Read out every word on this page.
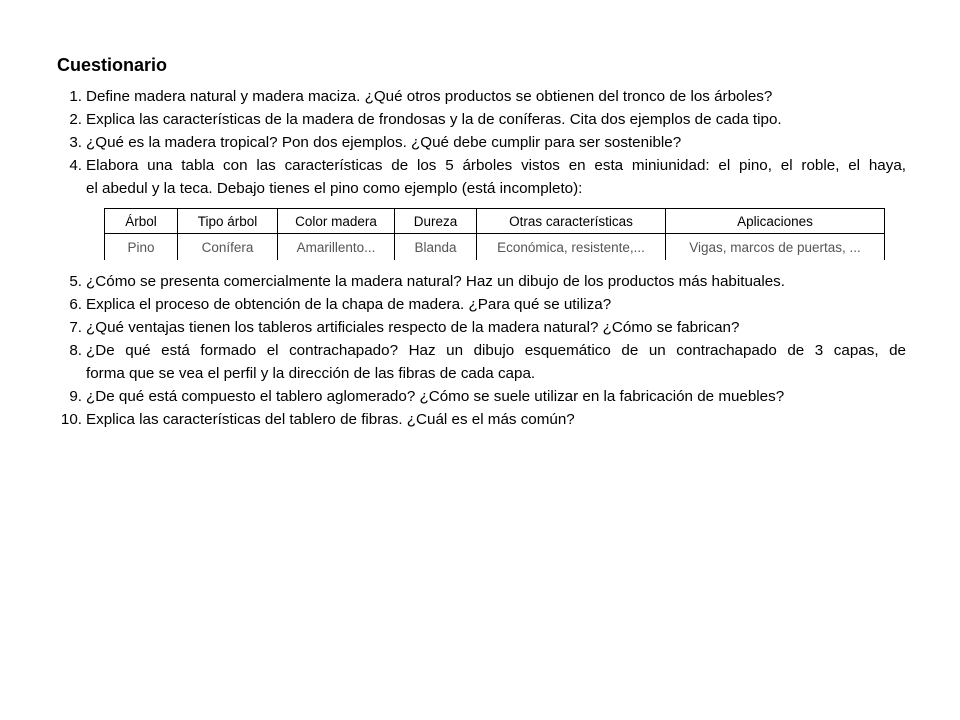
Cuestionario
1. Define madera natural y madera maciza. ¿Qué otros productos se obtienen del tronco de los árboles?
2. Explica las características de la madera de frondosas y la de coníferas. Cita dos ejemplos de cada tipo.
3. ¿Qué es la madera tropical? Pon dos ejemplos. ¿Qué debe cumplir para ser sostenible?
4. Elabora una tabla con las características de los 5 árboles vistos en esta miniunidad: el pino, el roble, el haya,
el abedul y la teca. Debajo tienes el pino como ejemplo (está incompleto):
Árbol	Tipo árbol	Color madera	Dureza	Otras características	Aplicaciones
Pino	Conífera	Amarillento...	Blanda	Económica, resistente,...	Vigas, marcos de puertas, ...
5. ¿Cómo se presenta comercialmente la madera natural? Haz un dibujo de los productos más habituales.
6. Explica el proceso de obtención de la chapa de madera. ¿Para qué se utiliza?
7. ¿Qué ventajas tienen los tableros artificiales respecto de la madera natural? ¿Cómo se fabrican?
8. ¿De qué está formado el contrachapado? Haz un dibujo esquemático de un contrachapado de 3 capas, de
forma que se vea el perfil y la dirección de las fibras de cada capa.
9. ¿De qué está compuesto el tablero aglomerado? ¿Cómo se suele utilizar en la fabricación de muebles?
10. Explica las características del tablero de fibras. ¿Cuál es el más común?
